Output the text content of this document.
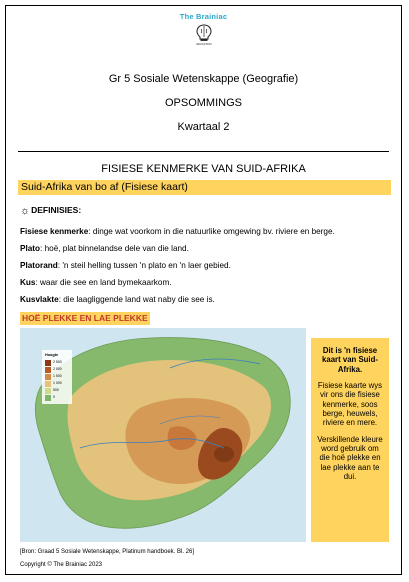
The Brainiac
EDUCATION
Gr 5 Sosiale Wetenskappe (Geografie)
OPSOMMINGS
Kwartaal 2
FISIESE KENMERKE VAN SUID-AFRIKA
Suid-Afrika van bo af (Fisiese kaart)
☼DEFINISIES:
Fisiese kenmerke: dinge wat voorkom in die natuurlike omgewing bv. riviere en berge.
Plato: hoë, plat binnelandse dele van die land.
Platorand: 'n steil helling tussen 'n plato en 'n laer gebied.
Kus: waar die see en land bymekaarkom.
Kusvlakte: die laagliggende land wat naby die see is.
HOË PLEKKE EN LAE PLEKKE
Hoogte
2 500
2 000
1 500
1 000
500
0

Dit is 'n fisiese kaart van Suid-Afrika.

Fisiese kaarte wys vir ons die fisiese kenmerke, soos berge, heuwels, riviere en mere.

Verskillende kleure word gebruik om die hoë plekke en lae plekke aan te dui.

[Bron: Graad 5 Sosiale Wetenskappe, Platinum handboek. Bl. 26]
Copyright © The Brainiac 2023
